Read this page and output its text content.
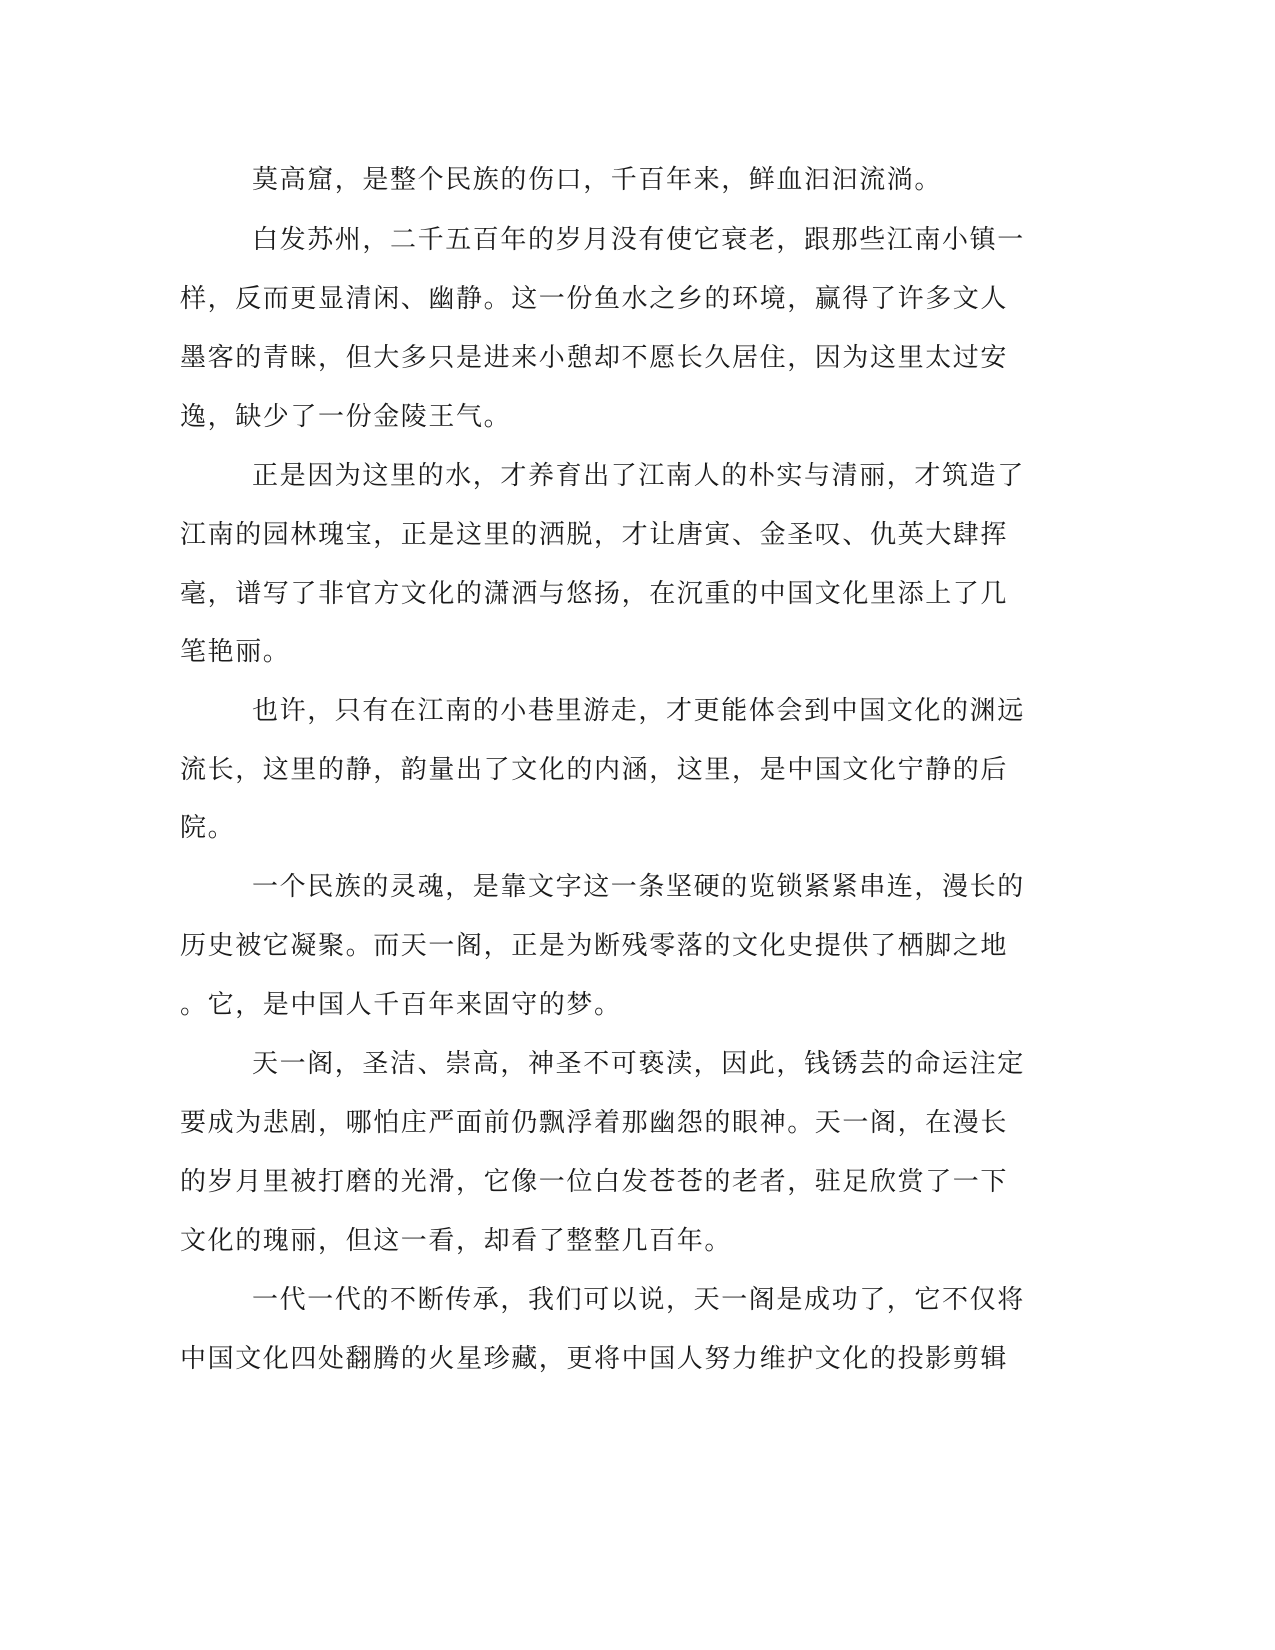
莫高窟，是整个民族的伤口，千百年来，鲜血汩汩流淌。
白发苏州，二千五百年的岁月没有使它衰老，跟那些江南小镇一
样，反而更显清闲、幽静。这一份鱼水之乡的环境，赢得了许多文人
墨客的青睐，但大多只是进来小憩却不愿长久居住，因为这里太过安
逸，缺少了一份金陵王气。
正是因为这里的水，才养育出了江南人的朴实与清丽，才筑造了
江南的园林瑰宝，正是这里的洒脱，才让唐寅、金圣叹、仇英大肆挥
毫，谱写了非官方文化的潇洒与悠扬，在沉重的中国文化里添上了几
笔艳丽。
也许，只有在江南的小巷里游走，才更能体会到中国文化的渊远
流长，这里的静，韵量出了文化的内涵，这里，是中国文化宁静的后
院。
一个民族的灵魂，是靠文字这一条坚硬的览锁紧紧串连，漫长的
历史被它凝聚。而天一阁，正是为断残零落的文化史提供了栖脚之地
。它，是中国人千百年来固守的梦。
天一阁，圣洁、崇高，神圣不可亵渎，因此，钱锈芸的命运注定
要成为悲剧，哪怕庄严面前仍飘浮着那幽怨的眼神。天一阁，在漫长
的岁月里被打磨的光滑，它像一位白发苍苍的老者，驻足欣赏了一下
文化的瑰丽，但这一看，却看了整整几百年。
一代一代的不断传承，我们可以说，天一阁是成功了，它不仅将
中国文化四处翻腾的火星珍藏，更将中国人努力维护文化的投影剪辑
